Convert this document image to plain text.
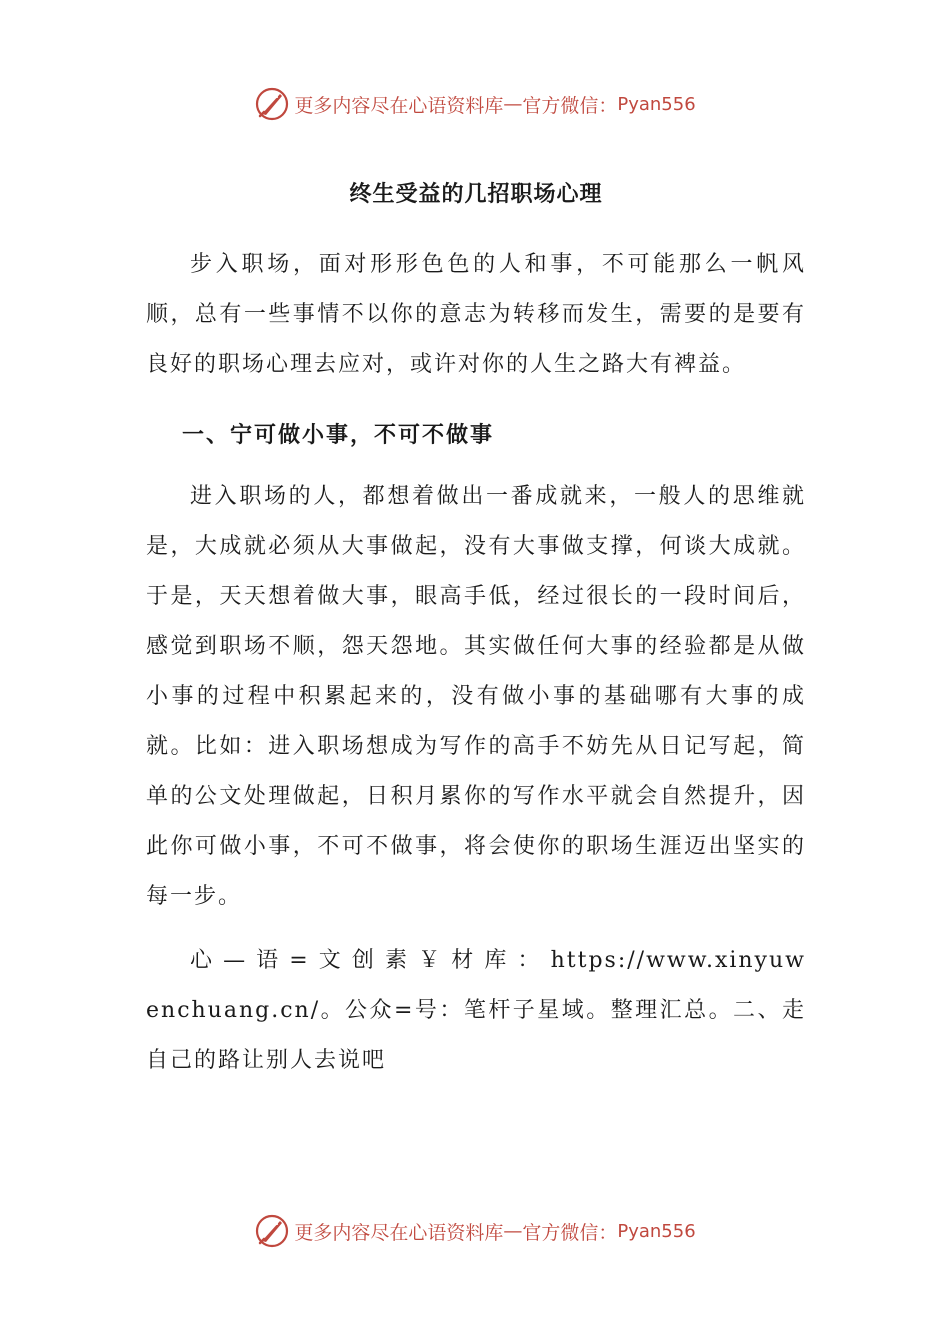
更多内容尽在心语资料库 — 官方微信： Pyan556
终生受益的几招职场心理

步入职场，面对形形色色的人和事，不可能那么一帆风顺，总有一些事情不以你的意志为转移而发生，需要的是要有良好的职场心理去应对，或许对你的人生之路大有裨益。

一、宁可做小事，不可不做事

进入职场的人，都想着做出一番成就来，一般人的思维就是，大成就必须从大事做起，没有大事做支撑，何谈大成就。于是，天天想着做大事，眼高手低，经过很长的一段时间后，感觉到职场不顺，怨天怨地。其实做任何大事的经验都是从做小事的过程中积累起来的，没有做小事的基础哪有大事的成就。比如：进入职场想成为写作的高手不妨先从日记写起，简单的公文处理做起，日积月累你的写作水平就会自然提升，因此你可做小事，不可不做事，将会使你的职场生涯迈出坚实的每一步。

心 — 语 = 文 创 素 ￥ 材 库 ： https://www.xinyuwenchuang.cn/。公众=号：笔杆子星域。整理汇总。二、走自己的路让别人去说吧

更多内容尽在心语资料库 — 官方微信： Pyan556
